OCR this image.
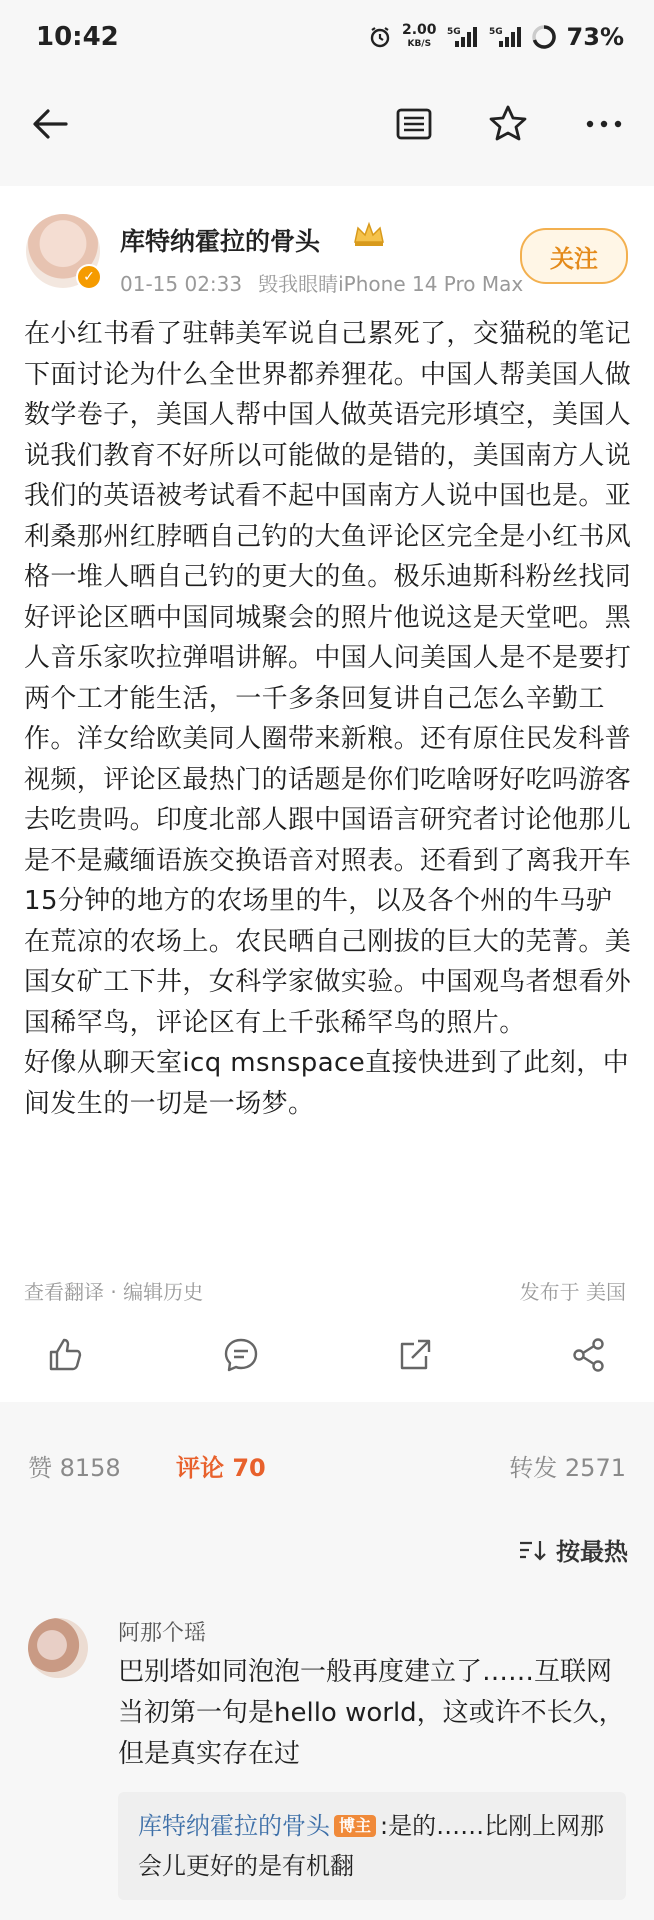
10:42	2.00
KB/S
5G	5G	73%
✓
库特纳霍拉的骨头
01-15 02:33 毁我眼睛iPhone 14 Pro Max
关注
在小红书看了驻韩美军说自己累死了，交猫税的笔记下面讨论为什么全世界都养狸花。中国人帮美国人做数学卷子，美国人帮中国人做英语完形填空，美国人说我们教育不好所以可能做的是错的，美国南方人说我们的英语被考试看不起中国南方人说中国也是。亚利桑那州红脖晒自己钓的大鱼评论区完全是小红书风格一堆人晒自己钓的更大的鱼。极乐迪斯科粉丝找同好评论区晒中国同城聚会的照片他说这是天堂吧。黑人音乐家吹拉弹唱讲解。中国人问美国人是不是要打两个工才能生活，一千多条回复讲自己怎么辛勤工作。洋女给欧美同人圈带来新粮。还有原住民发科普视频，评论区最热门的话题是你们吃啥呀好吃吗游客去吃贵吗。印度北部人跟中国语言研究者讨论他那儿是不是藏缅语族交换语音对照表。还看到了离我开车15分钟的地方的农场里的牛，以及各个州的牛马驴在荒凉的农场上。农民晒自己刚拔的巨大的芜菁。美国女矿工下井，女科学家做实验。中国观鸟者想看外国稀罕鸟，评论区有上千张稀罕鸟的照片。
好像从聊天室icq msnspace直接快进到了此刻，中间发生的一切是一场梦。
查看翻译 · 编辑历史	发布于 美国
赞 8158 评论 70	转发 2571
按最热
阿那个瑶
巴别塔如同泡泡一般再度建立了……互联网当初第一句是hello world，这或许不长久，但是真实存在过
库特纳霍拉的骨头 博主 :是的……比刚上网那会儿更好的是有机翻
